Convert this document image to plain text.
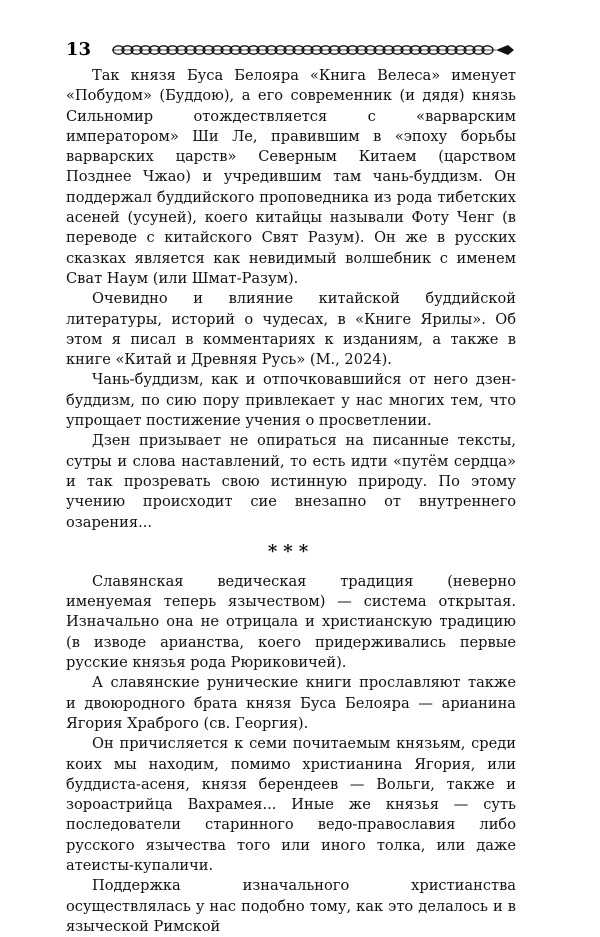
13

Так князя Буса Белояра «Книга Велеса» именует «Побудом» (Буддою), а его современник (и дядя) князь Сильномир отождествляется с «варварским императором» Ши Ле, правившим в «эпоху борьбы варварских царств» Северным Китаем (царством Позднее Чжао) и учредившим там чань-буддизм. Он поддержал буддийского проповедника из рода тибетских асеней (усуней), коего китайцы называли Фоту Ченг (в переводе с китайского Свят Разум). Он же в русских сказках является как невидимый волшебник с именем Сват Наум (или Шмат-Разум).

Очевидно и влияние китайской буддийской литературы, историй о чудесах, в «Книге Ярилы». Об этом я писал в комментариях к изданиям, а также в книге «Китай и Древняя Русь» (М., 2024).

Чань-буддизм, как и отпочковавшийся от него дзен-буддизм, по сию пору привлекает у нас многих тем, что упрощает постижение учения о просветлении.

Дзен призывает не опираться на писанные тексты, сутры и слова наставлений, то есть идти «путём сердца» и так прозревать свою истинную природу. По этому учению происходит сие внезапно от внутреннего озарения...

***

Славянская ведическая традиция (неверно именуемая теперь язычеством) — система открытая. Изначально она не отрицала и христианскую традицию (в изводе арианства, коего придерживались первые русские князья рода Рюриковичей).

А славянские рунические книги прославляют также и двоюродного брата князя Буса Белояра — арианина Ягория Храброго (св. Георгия).

Он причисляется к семи почитаемым князьям, среди коих мы находим, помимо христианина Ягория, или буддиста-асеня, князя берендеев — Вольги, также и зороастрийца Вахрамея... Иные же князья — суть последователи старинного ведо-православия либо русского язычества того или иного толка, или даже атеисты-купаличи.

Поддержка изначального христианства осуществлялась у нас подобно тому, как это делалось и в языческой Римской
